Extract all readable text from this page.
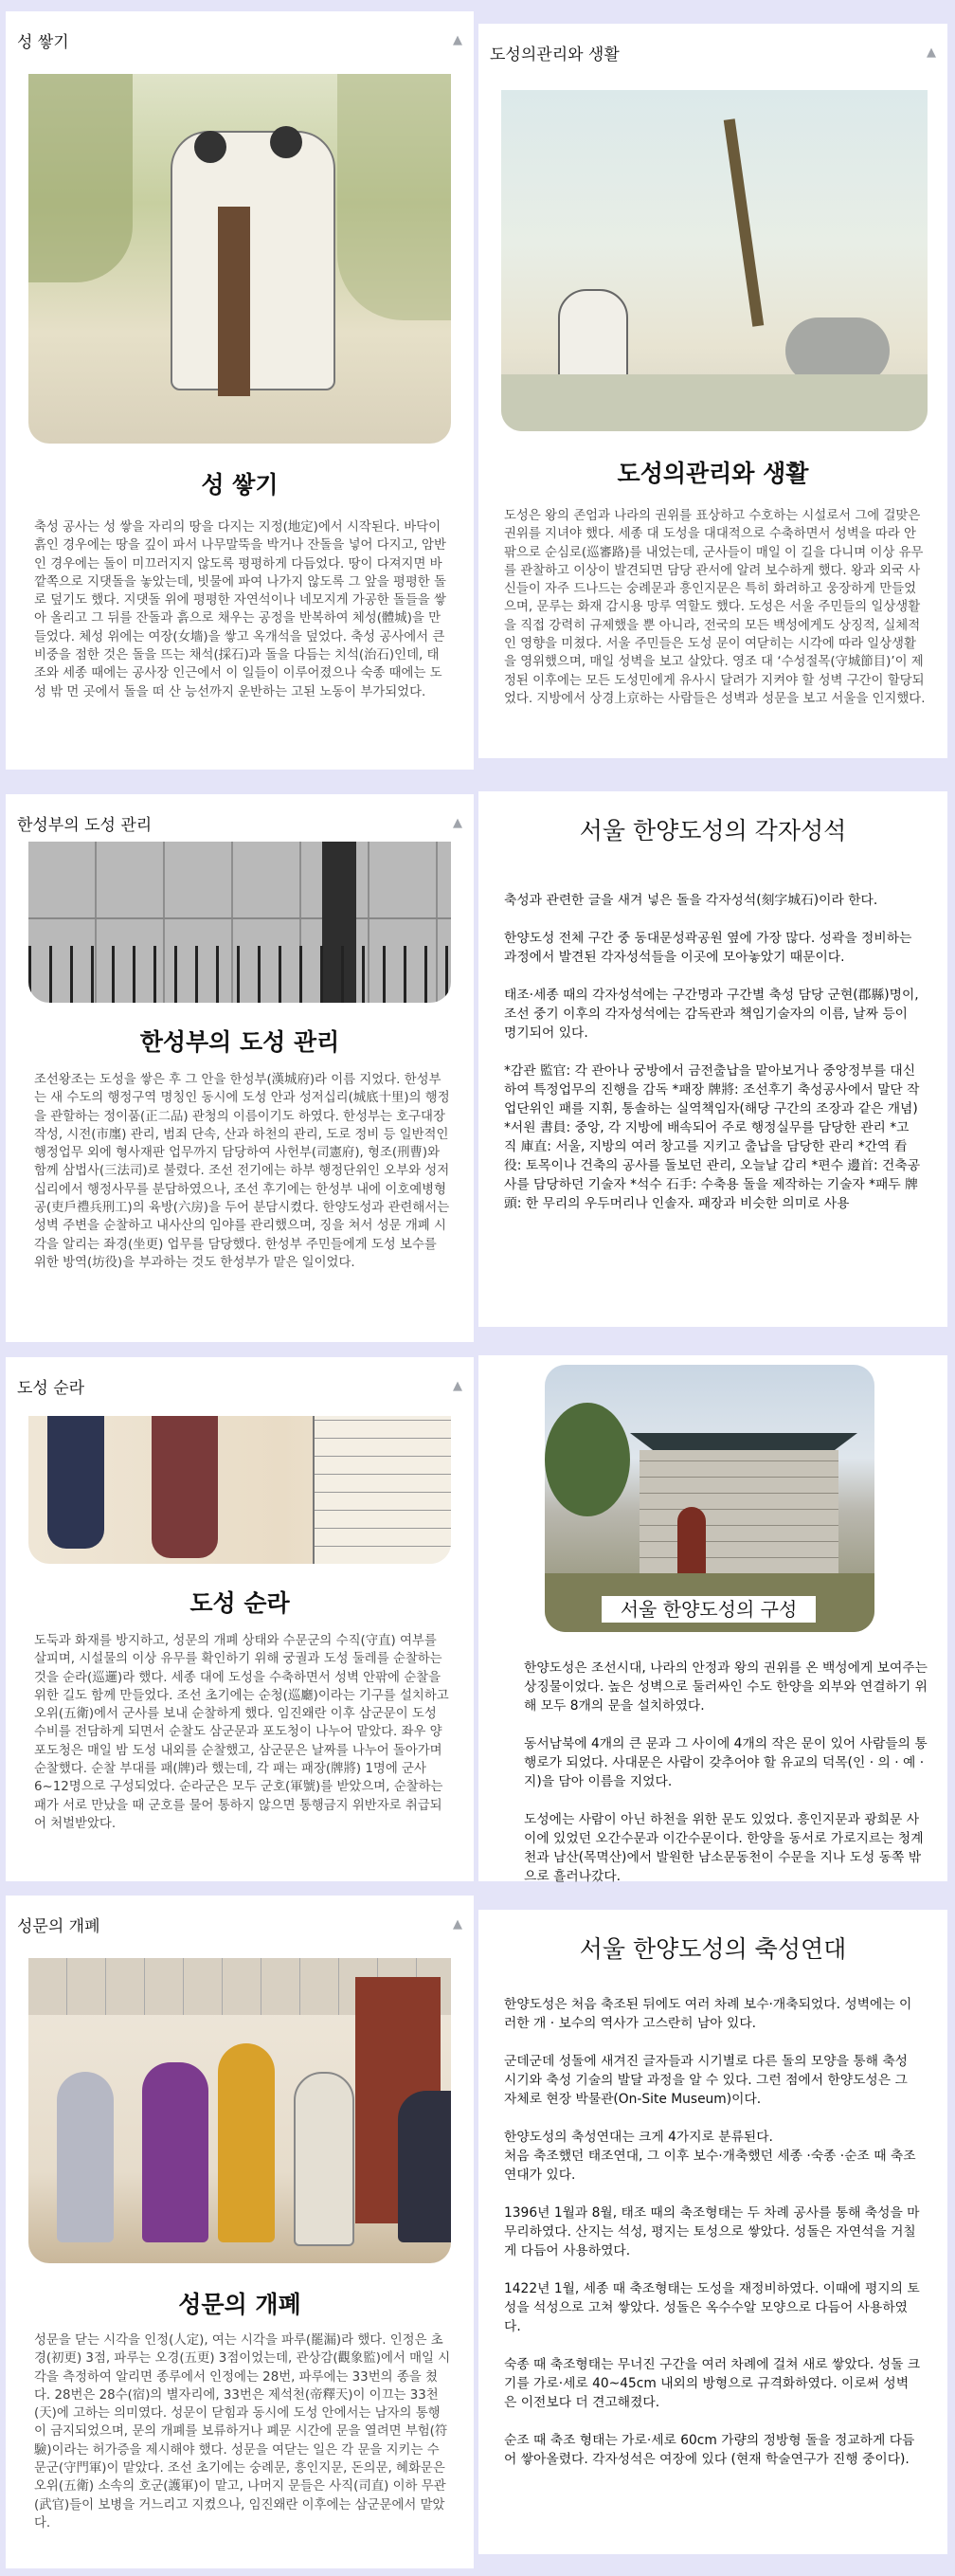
성 쌓기	▲
성 쌓기
축성 공사는 성 쌓을 자리의 땅을 다지는 지정(地定)에서 시작된다. 바닥이 흙인 경우에는 땅을 깊이 파서 나무말뚝을 박거나 잔돌을 넣어 다지고, 암반인 경우에는 돌이 미끄러지지 않도록 평평하게 다듬었다. 땅이 다져지면 바깥쪽으로 지댓돌을 놓았는데, 빗물에 파여 나가지 않도록 그 앞을 평평한 돌로 덮기도 했다. 지댓돌 위에 평평한 자연석이나 네모지게 가공한 돌들을 쌓아 올리고 그 뒤를 잔돌과 흙으로 채우는 공정을 반복하여 체성(體城)을 만들었다. 체성 위에는 여장(女墻)을 쌓고 옥개석을 덮었다. 축성 공사에서 큰 비중을 점한 것은 돌을 뜨는 채석(採石)과 돌을 다듬는 치석(治石)인데, 태조와 세종 때에는 공사장 인근에서 이 일들이 이루어졌으나 숙종 때에는 도성 밖 먼 곳에서 돌을 떠 산 능선까지 운반하는 고된 노동이 부가되었다.
도성의관리와 생활	▲
도성의관리와 생활
도성은 왕의 존엄과 나라의 권위를 표상하고 수호하는 시설로서 그에 걸맞은 권위를 지녀야 했다. 세종 대 도성을 대대적으로 수축하면서 성벽을 따라 안팎으로 순심로(巡審路)를 내었는데, 군사들이 매일 이 길을 다니며 이상 유무를 관찰하고 이상이 발견되면 담당 관서에 알려 보수하게 했다. 왕과 외국 사신들이 자주 드나드는 숭례문과 흥인지문은 특히 화려하고 웅장하게 만들었으며, 문루는 화재 감시용 망루 역할도 했다. 도성은 서울 주민들의 일상생활을 직접 강력히 규제했을 뿐 아니라, 전국의 모든 백성에게도 상징적, 실체적인 영향을 미쳤다. 서울 주민들은 도성 문이 여닫히는 시각에 따라 일상생활을 영위했으며, 매일 성벽을 보고 살았다. 영조 대 ‘수성절목(守城節目)’이 제정된 이후에는 모든 도성민에게 유사시 달려가 지켜야 할 성벽 구간이 할당되었다. 지방에서 상경上京하는 사람들은 성벽과 성문을 보고 서울을 인지했다.
한성부의 도성 관리	▲
한성부의 도성 관리
조선왕조는 도성을 쌓은 후 그 안을 한성부(漢城府)라 이름 지었다. 한성부는 새 수도의 행정구역 명칭인 동시에 도성 안과 성저십리(城底十里)의 행정을 관할하는 정이품(正二品) 관청의 이름이기도 하였다. 한성부는 호구대장 작성, 시전(市廛) 관리, 범죄 단속, 산과 하천의 관리, 도로 정비 등 일반적인 행정업무 외에 형사재판 업무까지 담당하여 사헌부(司憲府), 형조(刑曹)와 함께 삼법사(三法司)로 불렸다. 조선 전기에는 하부 행정단위인 오부와 성저십리에서 행정사무를 분담하였으나, 조선 후기에는 한성부 내에 이호예병형공(吏戶禮兵刑工)의 육방(六房)을 두어 분담시켰다. 한양도성과 관련해서는 성벽 주변을 순찰하고 내사산의 임야를 관리했으며, 징을 쳐서 성문 개폐 시각을 알리는 좌경(坐更) 업무를 담당했다. 한성부 주민들에게 도성 보수를 위한 방역(坊役)을 부과하는 것도 한성부가 맡은 일이었다.
서울 한양도성의 각자성석

축성과 관련한 글을 새겨 넣은 돌을 각자성석(刻字城石)이라 한다.

한양도성 전체 구간 중 동대문성곽공원 옆에 가장 많다. 성곽을 정비하는 과정에서 발견된 각자성석들을 이곳에 모아놓았기 때문이다.

태조·세종 때의 각자성석에는 구간명과 구간별 축성 담당 군현(郡縣)명이, 조선 중기 이후의 각자성석에는 감독관과 책임기술자의 이름, 날짜 등이 명기되어 있다.

*감관 監官: 각 관아나 궁방에서 금전출납을 맡아보거나 중앙정부를 대신하여 특정업무의 진행을 감독 *패장 牌將: 조선후기 축성공사에서 말단 작업단위인 패를 지휘, 통솔하는 실역책임자(해당 구간의 조장과 같은 개념) *서원 書員: 중앙, 각 지방에 배속되어 주로 행정실무를 담당한 관리 *고직 庫直: 서울, 지방의 여러 창고를 지키고 출납을 담당한 관리 *간역 看役: 토목이나 건축의 공사를 돌보던 관리, 오늘날 감리 *편수 邊首: 건축공사를 담당하던 기술자 *석수 石手: 수축용 돌을 제작하는 기술자 *패두 牌頭: 한 무리의 우두머리나 인솔자. 패장과 비슷한 의미로 사용

도성 순라	▲
도성 순라
도둑과 화재를 방지하고, 성문의 개폐 상태와 수문군의 수직(守直) 여부를 살피며, 시설물의 이상 유무를 확인하기 위해 궁궐과 도성 둘레를 순찰하는 것을 순라(巡邏)라 했다. 세종 대에 도성을 수축하면서 성벽 안팎에 순찰을 위한 길도 함께 만들었다. 조선 초기에는 순청(巡廳)이라는 기구를 설치하고 오위(五衛)에서 군사를 보내 순찰하게 했다. 임진왜란 이후 삼군문이 도성 수비를 전담하게 되면서 순찰도 삼군문과 포도청이 나누어 맡았다. 좌우 양 포도청은 매일 밤 도성 내외를 순찰했고, 삼군문은 날짜를 나누어 돌아가며 순찰했다. 순찰 부대를 패(牌)라 했는데, 각 패는 패장(牌將) 1명에 군사 6~12명으로 구성되었다. 순라군은 모두 군호(軍號)를 받았으며, 순찰하는 패가 서로 만났을 때 군호를 물어 통하지 않으면 통행금지 위반자로 취급되어 처벌받았다.
서울 한양도성의 구성

한양도성은 조선시대, 나라의 안정과 왕의 권위를 온 백성에게 보여주는 상징물이었다. 높은 성벽으로 둘러싸인 수도 한양을 외부와 연결하기 위해 모두 8개의 문을 설치하였다.

동서남북에 4개의 큰 문과 그 사이에 4개의 작은 문이 있어 사람들의 통행로가 되었다. 사대문은 사람이 갖추어야 할 유교의 덕목(인 · 의 · 예 · 지)을 담아 이름을 지었다.

도성에는 사람이 아닌 하천을 위한 문도 있었다. 흥인지문과 광희문 사이에 있었던 오간수문과 이간수문이다. 한양을 동서로 가로지르는 청계천과 남산(목멱산)에서 발원한 남소문동천이 수문을 지나 도성 동쪽 밖으로 흘러나갔다.

성문의 개폐	▲
성문의 개폐
성문을 닫는 시각을 인정(人定), 여는 시각을 파루(罷漏)라 했다. 인정은 초경(初更) 3점, 파루는 오경(五更) 3점이었는데, 관상감(觀象監)에서 매일 시각을 측정하여 알리면 종루에서 인정에는 28번, 파루에는 33번의 종을 쳤다. 28번은 28수(宿)의 별자리에, 33번은 제석천(帝釋天)이 이끄는 33천(天)에 고하는 의미였다. 성문이 닫힘과 동시에 도성 안에서는 남자의 통행이 금지되었으며, 문의 개폐를 보류하거나 폐문 시간에 문을 열려면 부험(符驗)이라는 허가증을 제시해야 했다. 성문을 여닫는 일은 각 문을 지키는 수문군(守門軍)이 맡았다. 조선 초기에는 숭례문, 흥인지문, 돈의문, 혜화문은 오위(五衛) 소속의 호군(護軍)이 맡고, 나머지 문들은 사직(司直) 이하 무관(武官)들이 보병을 거느리고 지켰으나, 임진왜란 이후에는 삼군문에서 맡았다.
서울 한양도성의 축성연대

한양도성은 처음 축조된 뒤에도 여러 차례 보수·개축되었다. 성벽에는 이러한 개 · 보수의 역사가 고스란히 남아 있다.

군데군데 성돌에 새겨진 글자들과 시기별로 다른 돌의 모양을 통해 축성 시기와 축성 기술의 발달 과정을 알 수 있다. 그런 점에서 한양도성은 그 자체로 현장 박물관(On-Site Museum)이다.

한양도성의 축성연대는 크게 4가지로 분류된다.
처음 축조했던 태조연대, 그 이후 보수·개축했던 세종 ·숙종 ·순조 때 축조 연대가 있다.

1396년 1월과 8월, 태조 때의 축조형태는 두 차례 공사를 통해 축성을 마무리하였다. 산지는 석성, 평지는 토성으로 쌓았다. 성돌은 자연석을 거칠게 다듬어 사용하였다.

1422년 1월, 세종 때 축조형태는 도성을 재정비하였다. 이때에 평지의 토성을 석성으로 고쳐 쌓았다. 성돌은 옥수수알 모양으로 다듬어 사용하였다.

숙종 때 축조형태는 무너진 구간을 여러 차례에 걸쳐 새로 쌓았다. 성돌 크기를 가로·세로 40~45cm 내외의 방형으로 규격화하였다. 이로써 성벽은 이전보다 더 견고해졌다.

순조 때 축조 형태는 가로·세로 60cm 가량의 정방형 돌을 정교하게 다듬어 쌓아올렸다. 각자성석은 여장에 있다 (현재 학술연구가 진행 중이다).
